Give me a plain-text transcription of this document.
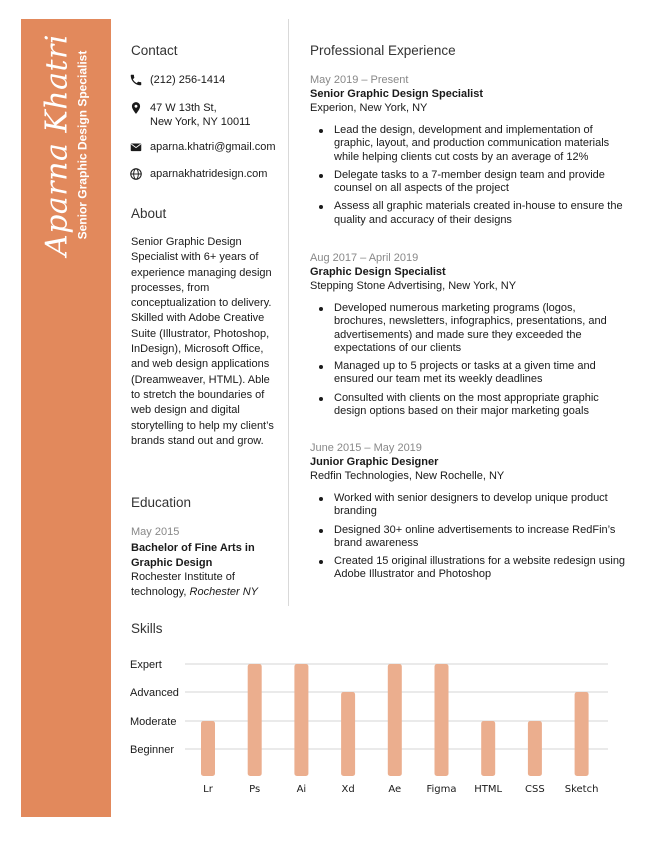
Aparna Khatri Senior Graphic Design Specialist
Contact
(212) 256-1414
47 W 13th St,
New York, NY 10011
aparna.khatri@gmail.com
aparnakhatridesign.com
About
Senior Graphic Design Specialist with 6+ years of experience managing design processes, from conceptualization to delivery. Skilled with Adobe Creative Suite (Illustrator, Photoshop, InDesign), Microsoft Office, and web design applications (Dreamweaver, HTML). Able to stretch the boundaries of web design and digital storytelling to help my client’s brands stand out and grow.
Education
May 2015
Bachelor of Fine Arts in Graphic Design
Rochester Institute of technology, Rochester NY
Professional Experience
May 2019 – Present
Senior Graphic Design Specialist
Experion, New York, NY
Lead the design, development and implementation of graphic, layout, and production communication materials while helping clients cut costs by an average of 12%
Delegate tasks to a 7-member design team and provide counsel on all aspects of the project
Assess all graphic materials created in-house to ensure the quality and accuracy of their designs
Aug 2017 – April 2019
Graphic Design Specialist
Stepping Stone Advertising, New York, NY
Developed numerous marketing programs (logos, brochures, newsletters, infographics, presentations, and advertisements) and made sure they exceeded the expectations of our clients
Managed up to 5 projects or tasks at a given time and ensured our team met its weekly deadlines
Consulted with clients on the most appropriate graphic design options based on their major marketing goals
June 2015 – May 2019
Junior Graphic Designer
Redfin Technologies, New Rochelle, NY
Worked with senior designers to develop unique product branding
Designed 30+ online advertisements to increase RedFin’s brand awareness
Created 15 original illustrations for a website redesign using Adobe Illustrator and Photoshop
Skills
Beginner
Moderate
Advanced
Expert
Lr	Ps	Ai	Xd	Ae	Figma HTML CSS Sketch
